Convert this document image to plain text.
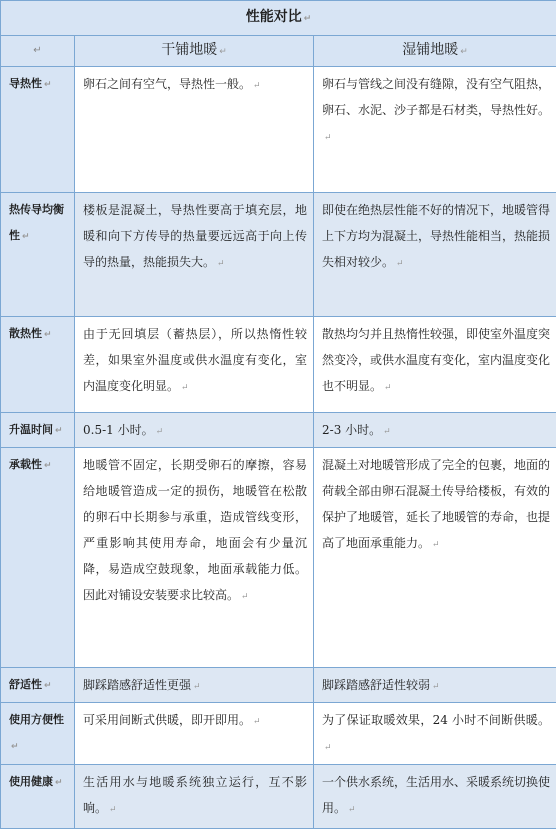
性能对比 ↵		
↵	干铺地暖 ↵	湿铺地暖 ↵
导热性 ↵	卵石之间有空气，导热性一般。 ↵	卵石与管线之间没有缝隙，没有空气阻热，卵石、水泥、沙子都是石材类，导热性好。↵
热传导均衡性 ↵	楼板是混凝土，导热性要高于填充层，地暖和向下方传导的热量要远远高于向上传导的热量，热能损失大。 ↵	即使在绝热层性能不好的情况下，地暖管得上下方均为混凝土，导热性能相当，热能损失相对较少。 ↵
散热性 ↵	由于无回填层（蓄热层），所以热惰性较差，如果室外温度或供水温度有变化，室内温度变化明显。 ↵	散热均匀并且热惰性较强，即使室外温度突然变冷，或供水温度有变化，室内温度变化也不明显。 ↵
升温时间 ↵	0.5-1 小时。 ↵	2-3 小时。 ↵
承载性 ↵	地暖管不固定，长期受卵石的摩擦，容易给地暖管造成一定的损伤，地暖管在松散的卵石中长期参与承重，造成管线变形，严重影响其使用寿命，地面会有少量沉降，易造成空鼓现象，地面承载能力低。因此对铺设安装要求比较高。 ↵	混凝土对地暖管形成了完全的包裹，地面的荷载全部由卵石混凝土传导给楼板，有效的保护了地暖管，延长了地暖管的寿命，也提高了地面承重能力。 ↵
舒适性 ↵	脚踩踏感舒适性更强 ↵	脚踩踏感舒适性较弱 ↵
使用方便性↵	可采用间断式供暖，即开即用。 ↵	为了保证取暖效果，24 小时不间断供暖。↵
使用健康 ↵	生活用水与地暖系统独立运行，互不影响。 ↵	一个供水系统，生活用水、采暖系统切换使用。 ↵
